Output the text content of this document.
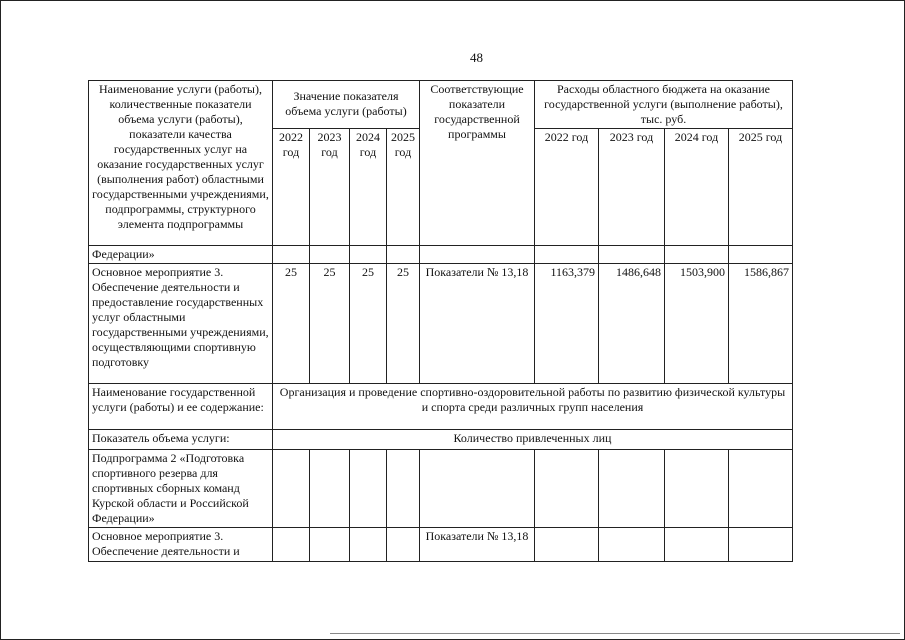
48
Наименование услуги (работы), количественные показатели объема услуги (работы), показатели качества государственных услуг на оказание государственных услуг (выполнения работ) областными государственными учреждениями, подпрограммы, структурного элемента подпрограммы	Значение показателя объема услуги (работы)				Соответствующие показатели государственной программы	Расходы областного бюджета на оказание государственной услуги (выполнение работы), тыс. руб.			
	2022 год	2023 год	2024 год	2025 год		2022 год	2023 год	2024 год	2025 год
Федерации»									
Основное мероприятие 3. Обеспечение деятельности и предоставление государственных услуг областными государственными учреждениями, осуществляющими спортивную подготовку	25	25	25	25	Показатели № 13,18	1163,379	1486,648	1503,900	1586,867
Наименование государственной услуги (работы) и ее содержание:	Организация и проведение спортивно-оздоровительной работы по развитию физической культуры и спорта среди различных групп населения								
Показатель объема услуги:	Количество привлеченных лиц								
Подпрограмма 2 «Подготовка спортивного резерва для спортивных сборных команд Курской области и Российской Федерации»									
Основное мероприятие 3. Обеспечение деятельности и					Показатели № 13,18				
